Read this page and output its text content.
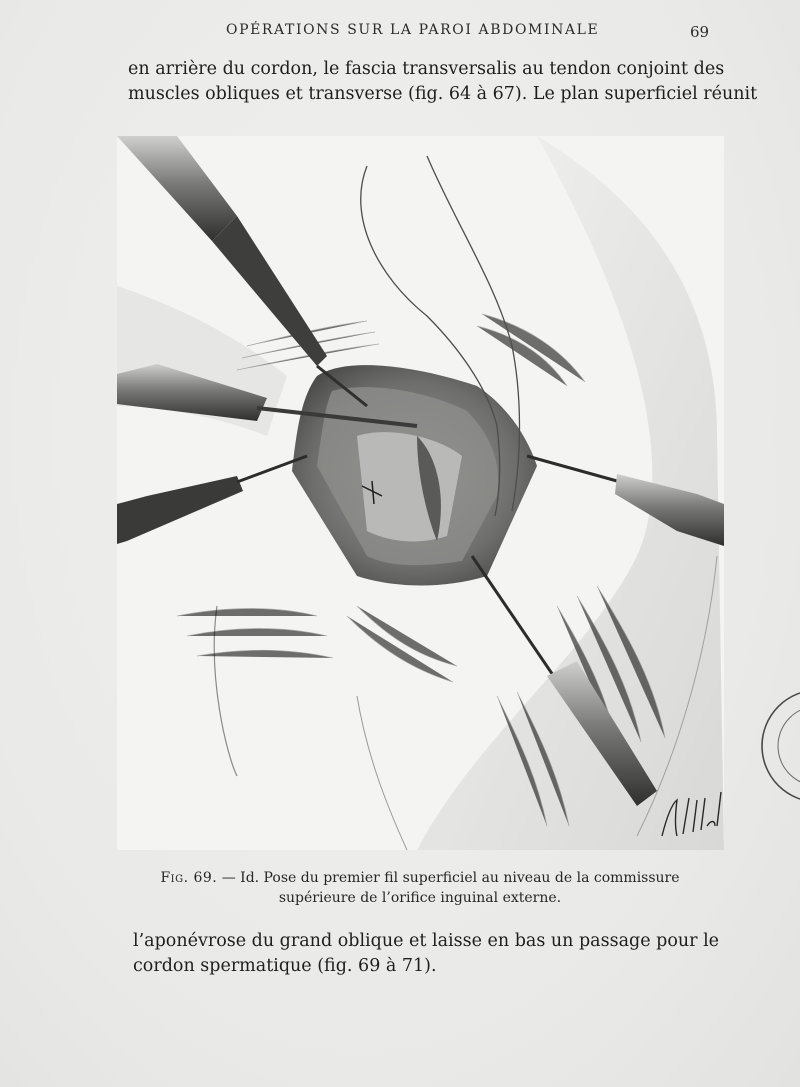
OPÉRATIONS SUR LA PAROI ABDOMINALE	69
en arrière du cordon, le fascia transversalis au tendon conjoint des
muscles obliques et transverse (fig. 64 à 67). Le plan superficiel réunit
Fig. 69. — Id. Pose du premier fil superficiel au niveau de la commissure
supérieure de l’orifice inguinal externe.
l’aponévrose du grand oblique et laisse en bas un passage pour le
cordon spermatique (fig. 69 à 71).
